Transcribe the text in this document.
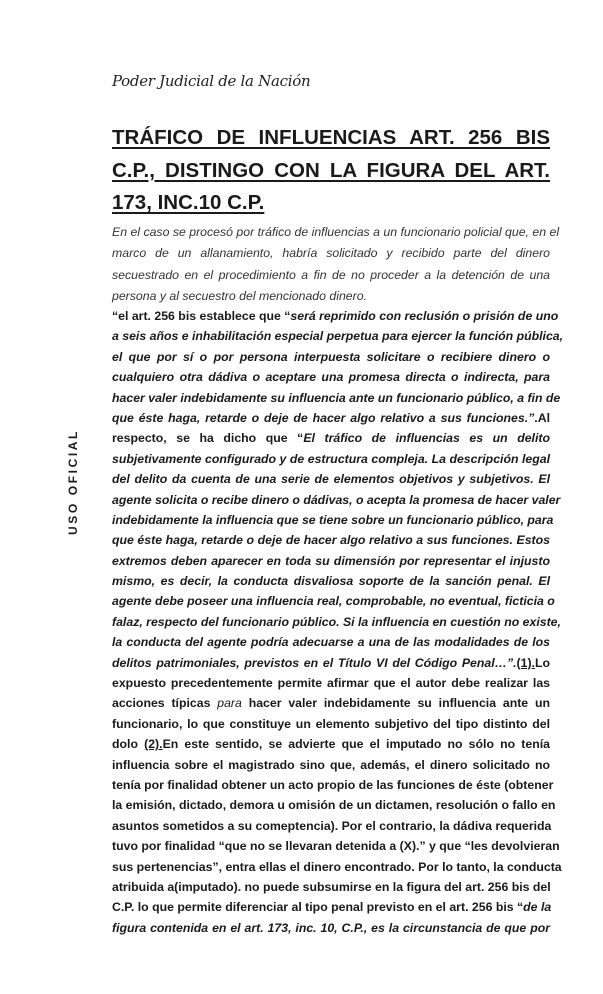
Poder Judicial de la Nación
USO OFICIAL
TRÁFICO DE INFLUENCIAS ART. 256 BIS
C.P., DISTINGO CON LA FIGURA DEL ART.
173, INC.10 C.P.
En el caso se procesó por tráfico de influencias a un funcionario policial que, en el
marco de un allanamiento, habría solicitado y recibido parte del dinero
secuestrado en el procedimiento a fin de no proceder a la detención de una
persona y al secuestro del mencionado dinero.
“el art. 256 bis establece que “será reprimido con reclusión o prisión de uno
a seis años e inhabilitación especial perpetua para ejercer la función pública,
el que por sí o por persona interpuesta solicitare o recibiere dinero o
cualquiero otra dádiva o aceptare una promesa directa o indirecta, para
hacer valer indebidamente su influencia ante un funcionario público, a fin de
que éste haga, retarde o deje de hacer algo relativo a sus funciones.”.Al
respecto, se ha dicho que “El tráfico de influencias es un delito
subjetivamente configurado y de estructura compleja. La descripción legal
del delito da cuenta de una serie de elementos objetivos y subjetivos. El
agente solicita o recibe dinero o dádivas, o acepta la promesa de hacer valer
indebidamente la influencia que se tiene sobre un funcionario público, para
que éste haga, retarde o deje de hacer algo relativo a sus funciones. Estos
extremos deben aparecer en toda su dimensión por representar el injusto
mismo, es decir, la conducta disvaliosa soporte de la sanción penal. El
agente debe poseer una influencia real, comprobable, no eventual, ficticia o
falaz, respecto del funcionario público. Si la influencia en cuestión no existe,
la conducta del agente podría adecuarse a una de las modalidades de los
delitos patrimoniales, previstos en el Título VI del Código Penal…”.(1).Lo
expuesto precedentemente permite afirmar que el autor debe realizar las
acciones típicas para hacer valer indebidamente su influencia ante un
funcionario, lo que constituye un elemento subjetivo del tipo distinto del
dolo (2).En este sentido, se advierte que el imputado no sólo no tenía
influencia sobre el magistrado sino que, además, el dinero solicitado no
tenía por finalidad obtener un acto propio de las funciones de éste (obtener
la emisión, dictado, demora u omisión de un dictamen, resolución o fallo en
asuntos sometidos a su comeptencia). Por el contrario, la dádiva requerida
tuvo por finalidad “que no se llevaran detenida a (X).” y que “les devolvieran
sus pertenencias”, entra ellas el dinero encontrado. Por lo tanto, la conducta
atribuida a(imputado). no puede subsumirse en la figura del art. 256 bis del
C.P. lo que permite diferenciar al tipo penal previsto en el art. 256 bis “de la
figura contenida en el art. 173, inc. 10, C.P., es la circunstancia de que por
